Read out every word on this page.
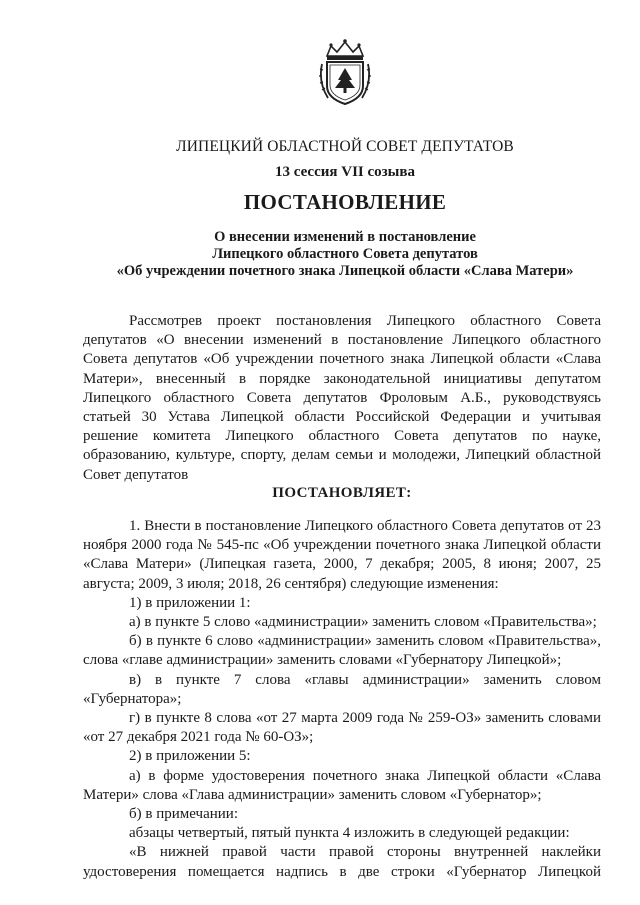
ЛИПЕЦКИЙ ОБЛАСТНОЙ СОВЕТ ДЕПУТАТОВ
13 сессия VII созыва
ПОСТАНОВЛЕНИЕ
О внесении изменений в постановление
Липецкого областного Совета депутатов
«Об учреждении почетного знака Липецкой области «Слава Матери»
Рассмотрев проект постановления Липецкого областного Совета депутатов «О внесении изменений в постановление Липецкого областного Совета депутатов «Об учреждении почетного знака Липецкой области «Слава Матери», внесенный в порядке законодательной инициативы депутатом Липецкого областного Совета депутатов Фроловым А.Б., руководствуясь статьей 30 Устава Липецкой области Российской Федерации и учитывая решение комитета Липецкого областного Совета депутатов по науке, образованию, культуре, спорту, делам семьи и молодежи, Липецкий областной Совет депутатов
ПОСТАНОВЛЯЕТ:

1. Внести в постановление Липецкого областного Совета депутатов от 23 ноября 2000 года № 545-пс «Об учреждении почетного знака Липецкой области «Слава Матери» (Липецкая газета, 2000, 7 декабря; 2005, 8 июня; 2007, 25 августа; 2009, 3 июля; 2018, 26 сентября) следующие изменения:

1) в приложении 1:

а) в пункте 5 слово «администрации» заменить словом «Правительства»;

б) в пункте 6 слово «администрации» заменить словом «Правительства», слова «главе администрации» заменить словами «Губернатору Липецкой»;

в) в пункте 7 слова «главы администрации» заменить словом «Губернатора»;

г) в пункте 8 слова «от 27 марта 2009 года № 259-ОЗ» заменить словами «от 27 декабря 2021 года № 60-ОЗ»;

2) в приложении 5:

а) в форме удостоверения почетного знака Липецкой области «Слава Матери» слова «Глава администрации» заменить словом «Губернатор»;

б) в примечании:

абзацы четвертый, пятый пункта 4 изложить в следующей редакции:

«В нижней правой части правой стороны внутренней наклейки

удостоверения помещается надпись в две строки «Губернатор Липецкой
